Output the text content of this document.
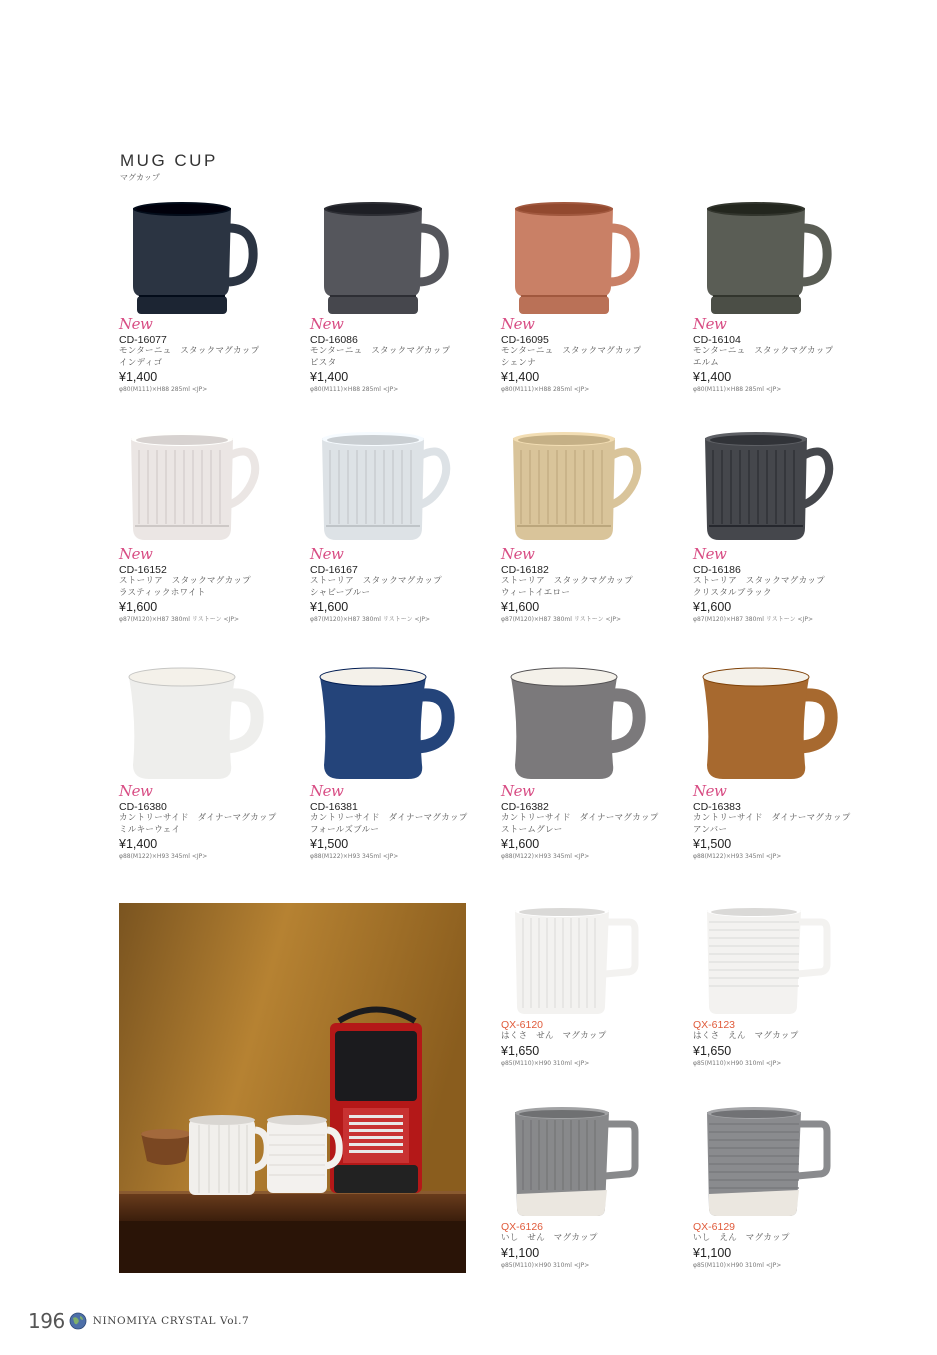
MUG CUP
マグカップ
New
CD-16077
モンターニュ　スタックマグカップ
インディゴ
¥1,400
φ80(M111)×H88 285ml <JP>
New
CD-16086
モンターニュ　スタックマグカップ
ピスタ
¥1,400
φ80(M111)×H88 285ml <JP>
New
CD-16095
モンターニュ　スタックマグカップ
シェンナ
¥1,400
φ80(M111)×H88 285ml <JP>
New
CD-16104
モンターニュ　スタックマグカップ
エルム
¥1,400
φ80(M111)×H88 285ml <JP>
New
CD-16152
ストーリア　スタックマグカップ
ラスティックホワイト
¥1,600
φ87(M120)×H87 380ml リストーン <JP>
New
CD-16167
ストーリア　スタックマグカップ
シャビーブルー
¥1,600
φ87(M120)×H87 380ml リストーン <JP>
New
CD-16182
ストーリア　スタックマグカップ
ウィートイエロー
¥1,600
φ87(M120)×H87 380ml リストーン <JP>
New
CD-16186
ストーリア　スタックマグカップ
クリスタルブラック
¥1,600
φ87(M120)×H87 380ml リストーン <JP>
New
CD-16380
カントリーサイド　ダイナーマグカップ
ミルキーウェイ
¥1,400
φ88(M122)×H93 345ml <JP>
New
CD-16381
カントリーサイド　ダイナーマグカップ
フォールズブルー
¥1,500
φ88(M122)×H93 345ml <JP>
New
CD-16382
カントリーサイド　ダイナーマグカップ
ストームグレー
¥1,600
φ88(M122)×H93 345ml <JP>
New
CD-16383
カントリーサイド　ダイナーマグカップ
アンバー
¥1,500
φ88(M122)×H93 345ml <JP>
QX-6120
はくさ　せん　マグカップ
¥1,650
φ85(M110)×H90 310ml <JP>
QX-6123
はくさ　えん　マグカップ
¥1,650
φ85(M110)×H90 310ml <JP>
QX-6126
いし　せん　マグカップ
¥1,100
φ85(M110)×H90 310ml <JP>
QX-6129
いし　えん　マグカップ
¥1,100
φ85(M110)×H90 310ml <JP>
196	NINOMIYA CRYSTAL Vol.7
